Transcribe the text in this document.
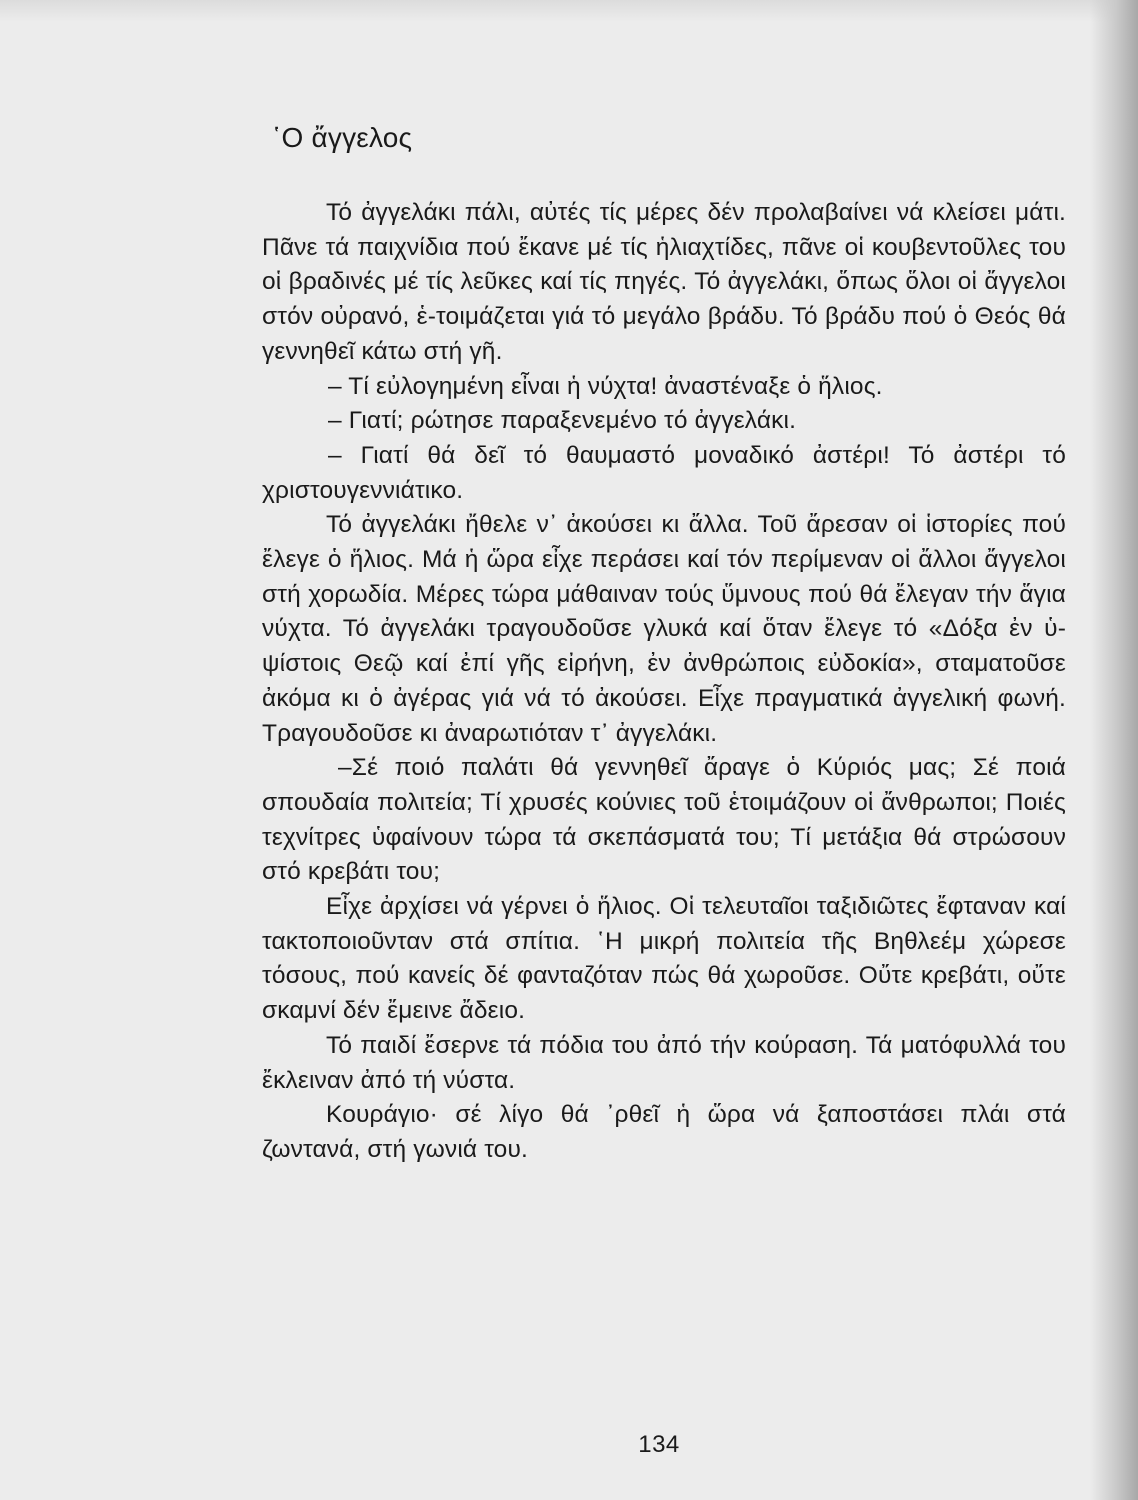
῾Ο ἄγγελος

Τό ἀγγελάκι πάλι, αὐτές τίς μέρες δέν προλαβαίνει νά κλείσει μάτι. Πᾶνε τά παιχνίδια πού ἔκανε μέ τίς ἡλιαχτίδες, πᾶνε οἱ κουβεντοῦλες του οἱ βραδινές μέ τίς λεῦκες καί τίς πηγές. Τό ἀγγελάκι, ὅπως ὅλοι οἱ ἄγγελοι στόν οὐρανό, ἑ-τοιμάζεται γιά τό μεγάλο βράδυ. Τό βράδυ πού ὁ Θεός θά γεννηθεῖ κάτω στή γῆ.

– Τί εὐλογημένη εἶναι ἡ νύχτα! ἀναστέναξε ὁ ἥλιος.

– Γιατί; ρώτησε παραξενεμένο τό ἀγγελάκι.

– Γιατί θά δεῖ τό θαυμαστό μοναδικό ἀστέρι! Τό ἀστέρι τό χριστουγεννιάτικο.

Τό ἀγγελάκι ἤθελε ν᾽ ἀκούσει κι ἄλλα. Τοῦ ἄρεσαν οἱ ἱστορίες πού ἔλεγε ὁ ἥλιος. Μά ἡ ὥρα εἶχε περάσει καί τόν περίμεναν οἱ ἄλλοι ἄγγελοι στή χορωδία. Μέρες τώρα μάθαιναν τούς ὕμνους πού θά ἔλεγαν τήν ἅγια νύχτα. Τό ἀγγελάκι τραγουδοῦσε γλυκά καί ὅταν ἔλεγε τό «Δόξα ἐν ὑ-ψίστοις Θεῷ καί ἐπί γῆς εἰρήνη, ἐν ἀνθρώποις εὐδοκία», σταματοῦσε ἀκόμα κι ὁ ἀγέρας γιά νά τό ἀκούσει. Εἶχε πραγματικά ἀγγελική φωνή. Τραγουδοῦσε κι ἀναρωτιόταν τ᾽ ἀγγελάκι.

–Σέ ποιό παλάτι θά γεννηθεῖ ἄραγε ὁ Κύριός μας; Σέ ποιά σπουδαία πολιτεία; Τί χρυσές κούνιες τοῦ ἑτοιμάζουν οἱ ἄνθρωποι; Ποιές τεχνίτρες ὑφαίνουν τώρα τά σκεπάσματά του; Τί μετάξια θά στρώσουν στό κρεβάτι του;

Εἶχε ἀρχίσει νά γέρνει ὁ ἥλιος. Οἱ τελευταῖοι ταξιδιῶτες ἔφταναν καί τακτοποιοῦνταν στά σπίτια. ῾Η μικρή πολιτεία τῆς Βηθλεέμ χώρεσε τόσους, πού κανείς δέ φανταζόταν πώς θά χωροῦσε. Οὔτε κρεβάτι, οὔτε σκαμνί δέν ἔμεινε ἄδειο.

Τό παιδί ἔσερνε τά πόδια του ἀπό τήν κούραση. Τά ματόφυλλά του ἔκλειναν ἀπό τή νύστα.

Κουράγιο· σέ λίγο θά ᾽ρθεῖ ἡ ὥρα νά ξαποστάσει πλάι στά ζωντανά, στή γωνιά του.

134
